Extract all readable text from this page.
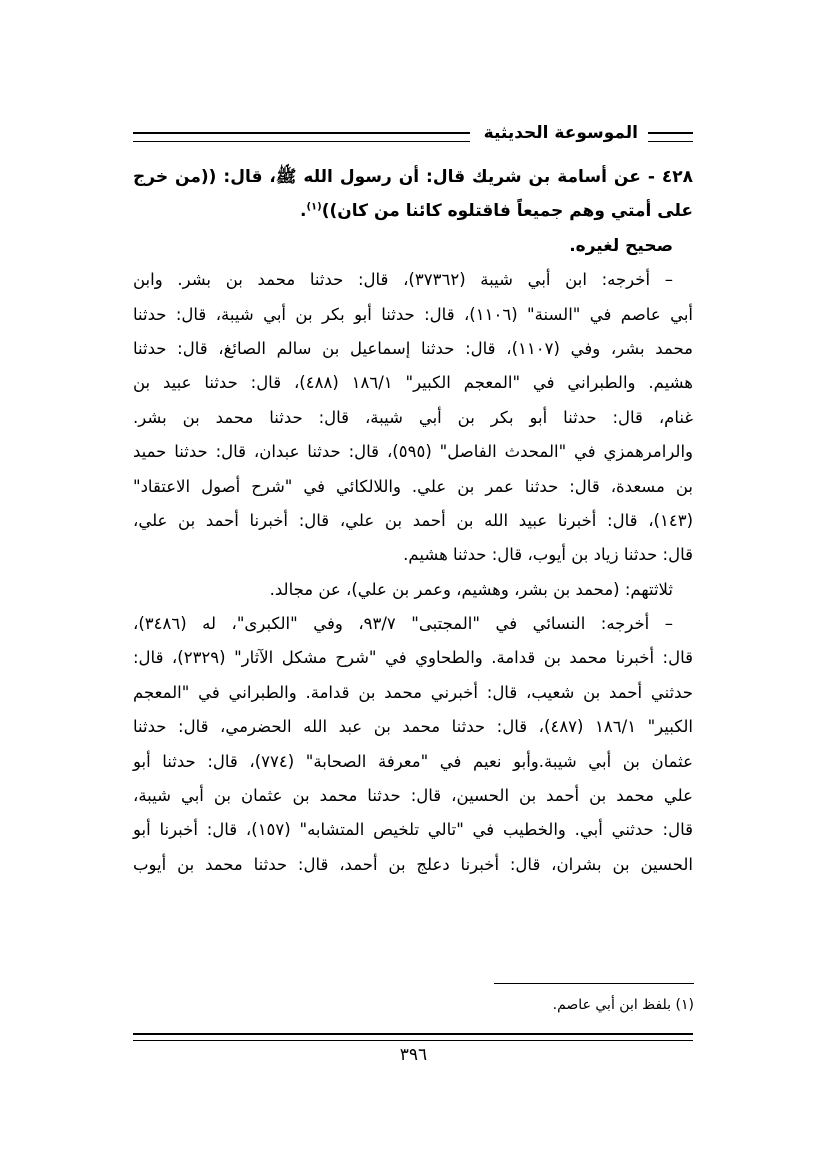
الموسوعة الحديثية
٤٢٨ - عن أسامة بن شريك قال: أن رسول الله ﷺ، قال: ((من خرج
على أمتي وهم جميعاً فاقتلوه كائنا من كان))$^{(١)}$.
صحيح لغيره.
– أخرجه: ابن أبي شيبة (٣٧٣٦٢)، قال: حدثنا محمد بن بشر. وابن
أبي عاصم في "السنة" (١١٠٦)، قال: حدثنا أبو بكر بن أبي شيبة، قال: حدثنا
محمد بشر، وفي (١١٠٧)، قال: حدثنا إسماعيل بن سالم الصائغ، قال: حدثنا
هشيم. والطبراني في "المعجم الكبير" ١٨٦/١ (٤٨٨)، قال: حدثنا عبيد بن
غنام، قال: حدثنا أبو بكر بن أبي شيبة، قال: حدثنا محمد بن بشر.
والرامرهمزي في "المحدث الفاصل" (٥٩٥)، قال: حدثنا عبدان، قال: حدثنا حميد
بن مسعدة، قال: حدثنا عمر بن علي. واللالكائي في "شرح أصول الاعتقاد"
(١٤٣)، قال: أخبرنا عبيد الله بن أحمد بن علي، قال: أخبرنا أحمد بن علي،
قال: حدثنا زياد بن أيوب، قال: حدثنا هشيم.
ثلاثتهم: (محمد بن بشر، وهشيم، وعمر بن علي)، عن مجالد.
– أخرجه: النسائي في "المجتبى" ٩٣/٧، وفي "الكبرى"، له (٣٤٨٦)،
قال: أخبرنا محمد بن قدامة. والطحاوي في "شرح مشكل الآثار" (٢٣٢٩)، قال:
حدثني أحمد بن شعيب، قال: أخبرني محمد بن قدامة. والطبراني في "المعجم
الكبير" ١٨٦/١ (٤٨٧)، قال: حدثنا محمد بن عبد الله الحضرمي، قال: حدثنا
عثمان بن أبي شيبة.وأبو نعيم في "معرفة الصحابة" (٧٧٤)، قال: حدثنا أبو
علي محمد بن أحمد بن الحسين، قال: حدثنا محمد بن عثمان بن أبي شيبة،
قال: حدثني أبي. والخطيب في "تالي تلخيص المتشابه" (١٥٧)، قال: أخبرنا أبو
الحسين بن بشران، قال: أخبرنا دعلج بن أحمد، قال: حدثنا محمد بن أيوب
(١) بلفظ ابن أبي عاصم.
٣٩٦
